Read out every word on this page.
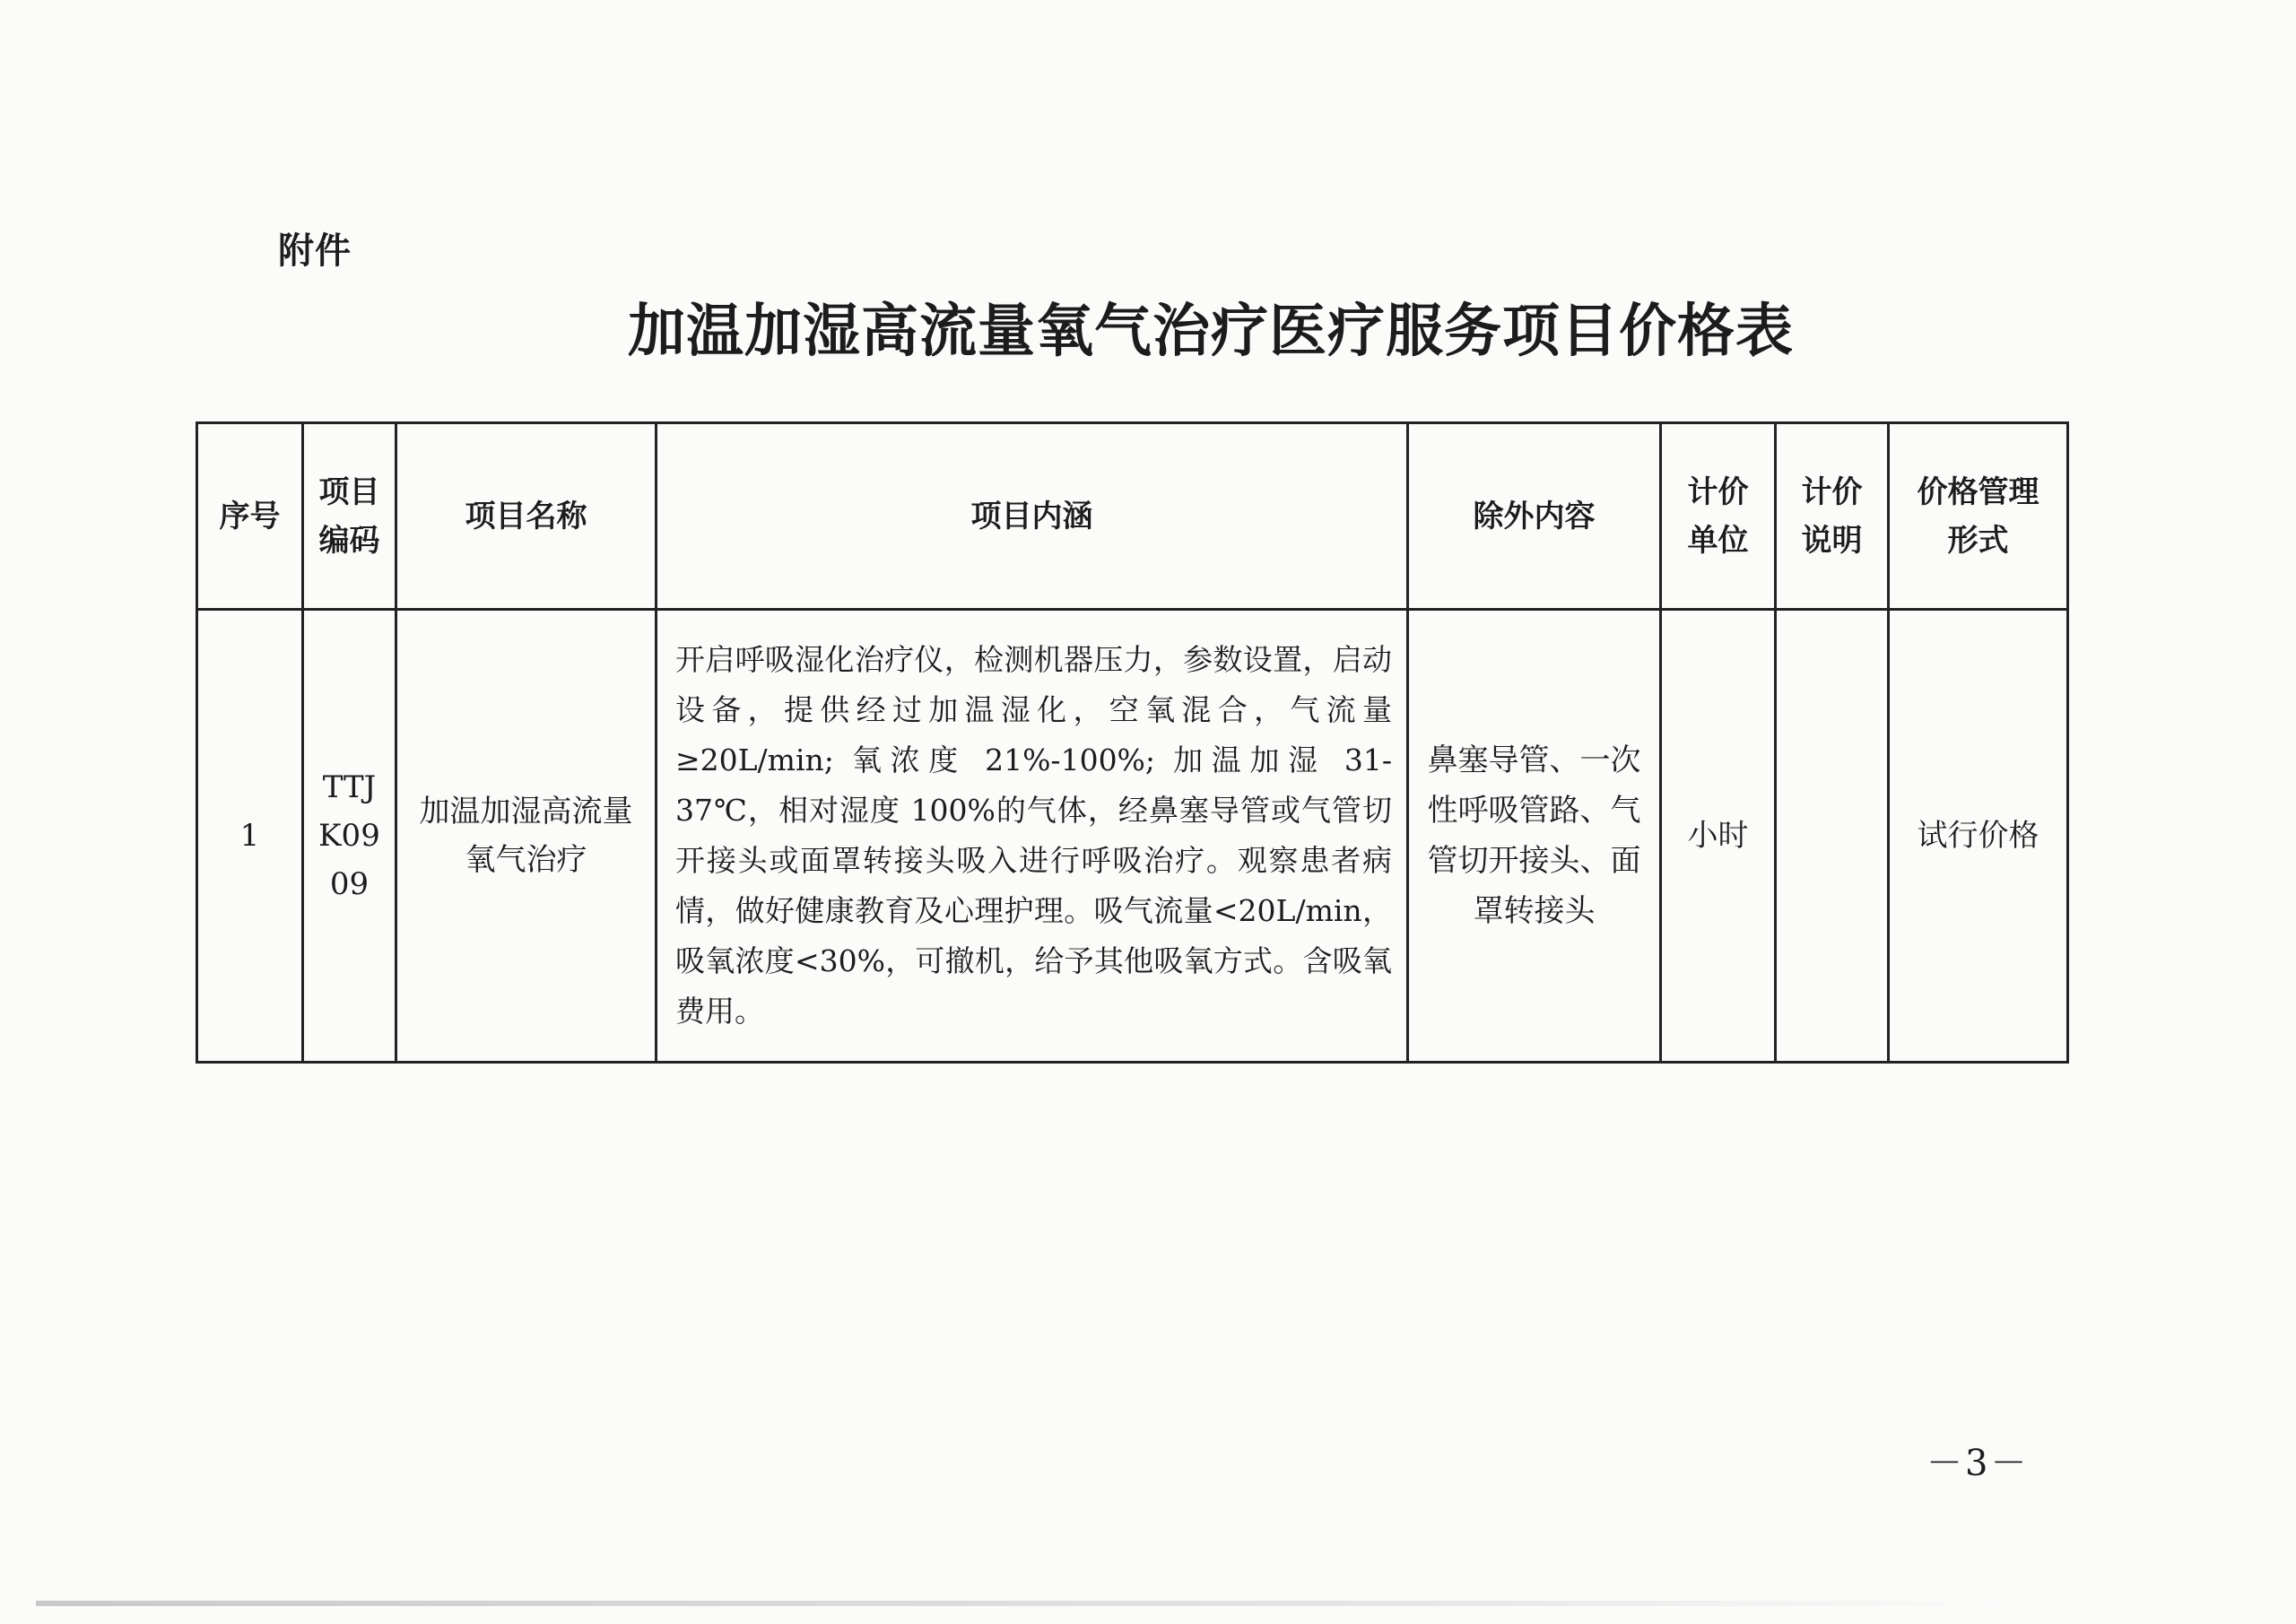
附件
加温加湿高流量氧气治疗医疗服务项目价格表
序号	项目编码	项目名称	项目内涵	除外内容	计价单位	计价说明	价格管理形式
1	TTJK0909	加温加湿高流量氧气治疗	开启呼吸湿化治疗仪，检测机器压力，参数设置，启动设备，提供经过加温湿化，空氧混合，气流量≥20L/min; 氧浓度 21%-100%; 加温加湿 31-37℃，相对湿度 100%的气体，经鼻塞导管或气管切开接头或面罩转接头吸入进行呼吸治疗。观察患者病情，做好健康教育及心理护理。吸气流量<20L/min，吸氧浓度<30%，可撤机，给予其他吸氧方式。含吸氧费用。	鼻塞导管、一次性呼吸管路、气管切开接头、面罩转接头	小时		试行价格
－3－
